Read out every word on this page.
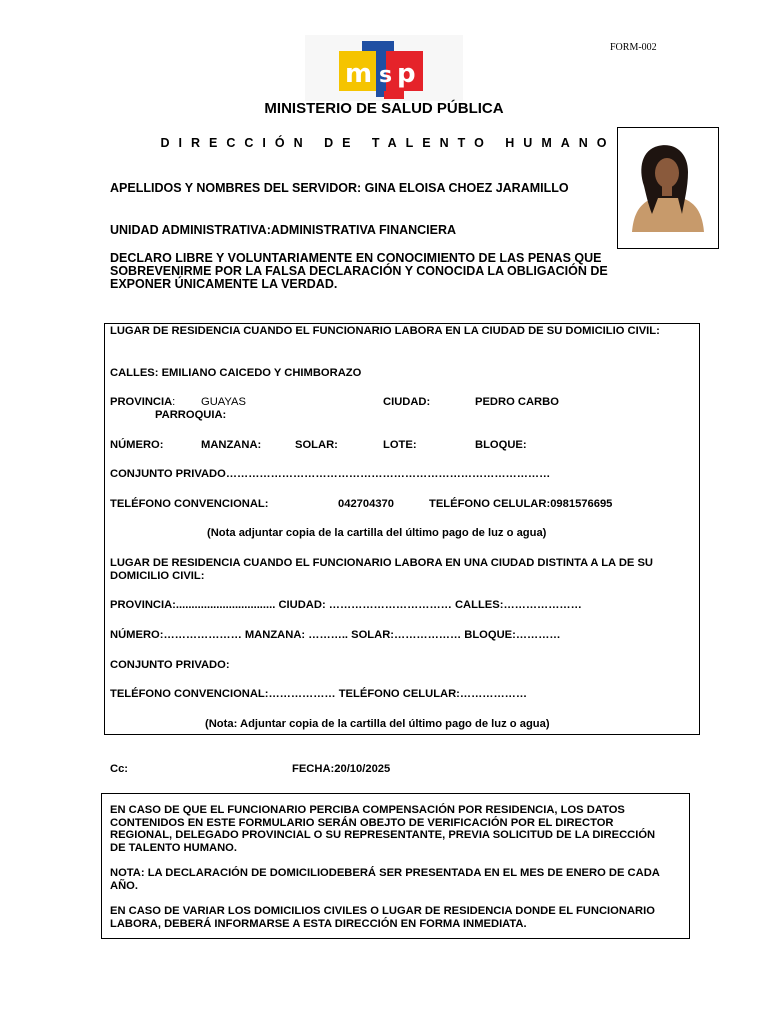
FORM-002
m s p
MINISTERIO DE SALUD PÚBLICA
DIRECCIÓN DE TALENTO HUMANO
APELLIDOS Y NOMBRES DEL SERVIDOR: GINA ELOISA CHOEZ JARAMILLO
UNIDAD ADMINISTRATIVA:ADMINISTRATIVA FINANCIERA
DECLARO LIBRE Y VOLUNTARIAMENTE EN CONOCIMIENTO DE LAS PENAS QUE SOBREVENIRME POR LA FALSA DECLARACIÓN Y CONOCIDA LA OBLIGACIÓN DE EXPONER ÚNICAMENTE LA VERDAD.
LUGAR DE RESIDENCIA CUANDO EL FUNCIONARIO LABORA EN LA CIUDAD DE SU DOMICILIO CIVIL:
CALLES: EMILIANO CAICEDO Y CHIMBORAZO
PROVINCIA: GUAYAS	CIUDAD:	PEDRO CARBO
PARROQUIA:
NÚMERO:	MANZANA:	SOLAR:	LOTE:	BLOQUE:
CONJUNTO PRIVADO……………………………………………………………………………
TELÉFONO CONVENCIONAL:	042704370	TELÉFONO CELULAR:0981576695
(Nota adjuntar copia de la cartilla del último pago de luz o agua)
LUGAR DE RESIDENCIA CUANDO EL FUNCIONARIO LABORA EN UNA CIUDAD DISTINTA A LA DE SU DOMICILIO CIVIL:
PROVINCIA:................................ CIUDAD: …………………………… CALLES:…………………
NÚMERO:………………… MANZANA: ……….. SOLAR:……………… BLOQUE:…………
CONJUNTO PRIVADO:
TELÉFONO CONVENCIONAL:……………… TELÉFONO CELULAR:………………
(Nota: Adjuntar copia de la cartilla del último pago de luz o agua)
Cc:	FECHA:20/10/2025
EN CASO DE QUE EL FUNCIONARIO PERCIBA COMPENSACIÓN POR RESIDENCIA, LOS DATOS CONTENIDOS EN ESTE FORMULARIO SERÁN OBEJTO DE VERIFICACIÓN POR EL DIRECTOR REGIONAL, DELEGADO PROVINCIAL O SU REPRESENTANTE, PREVIA SOLICITUD DE LA DIRECCIÓN DE TALENTO HUMANO.
NOTA: LA DECLARACIÓN DE DOMICILIODEBERÁ SER PRESENTADA EN EL MES DE ENERO DE CADA AÑO.
EN CASO DE VARIAR LOS DOMICILIOS CIVILES O LUGAR DE RESIDENCIA DONDE EL FUNCIONARIO LABORA, DEBERÁ INFORMARSE A ESTA DIRECCIÓN EN FORMA INMEDIATA.
